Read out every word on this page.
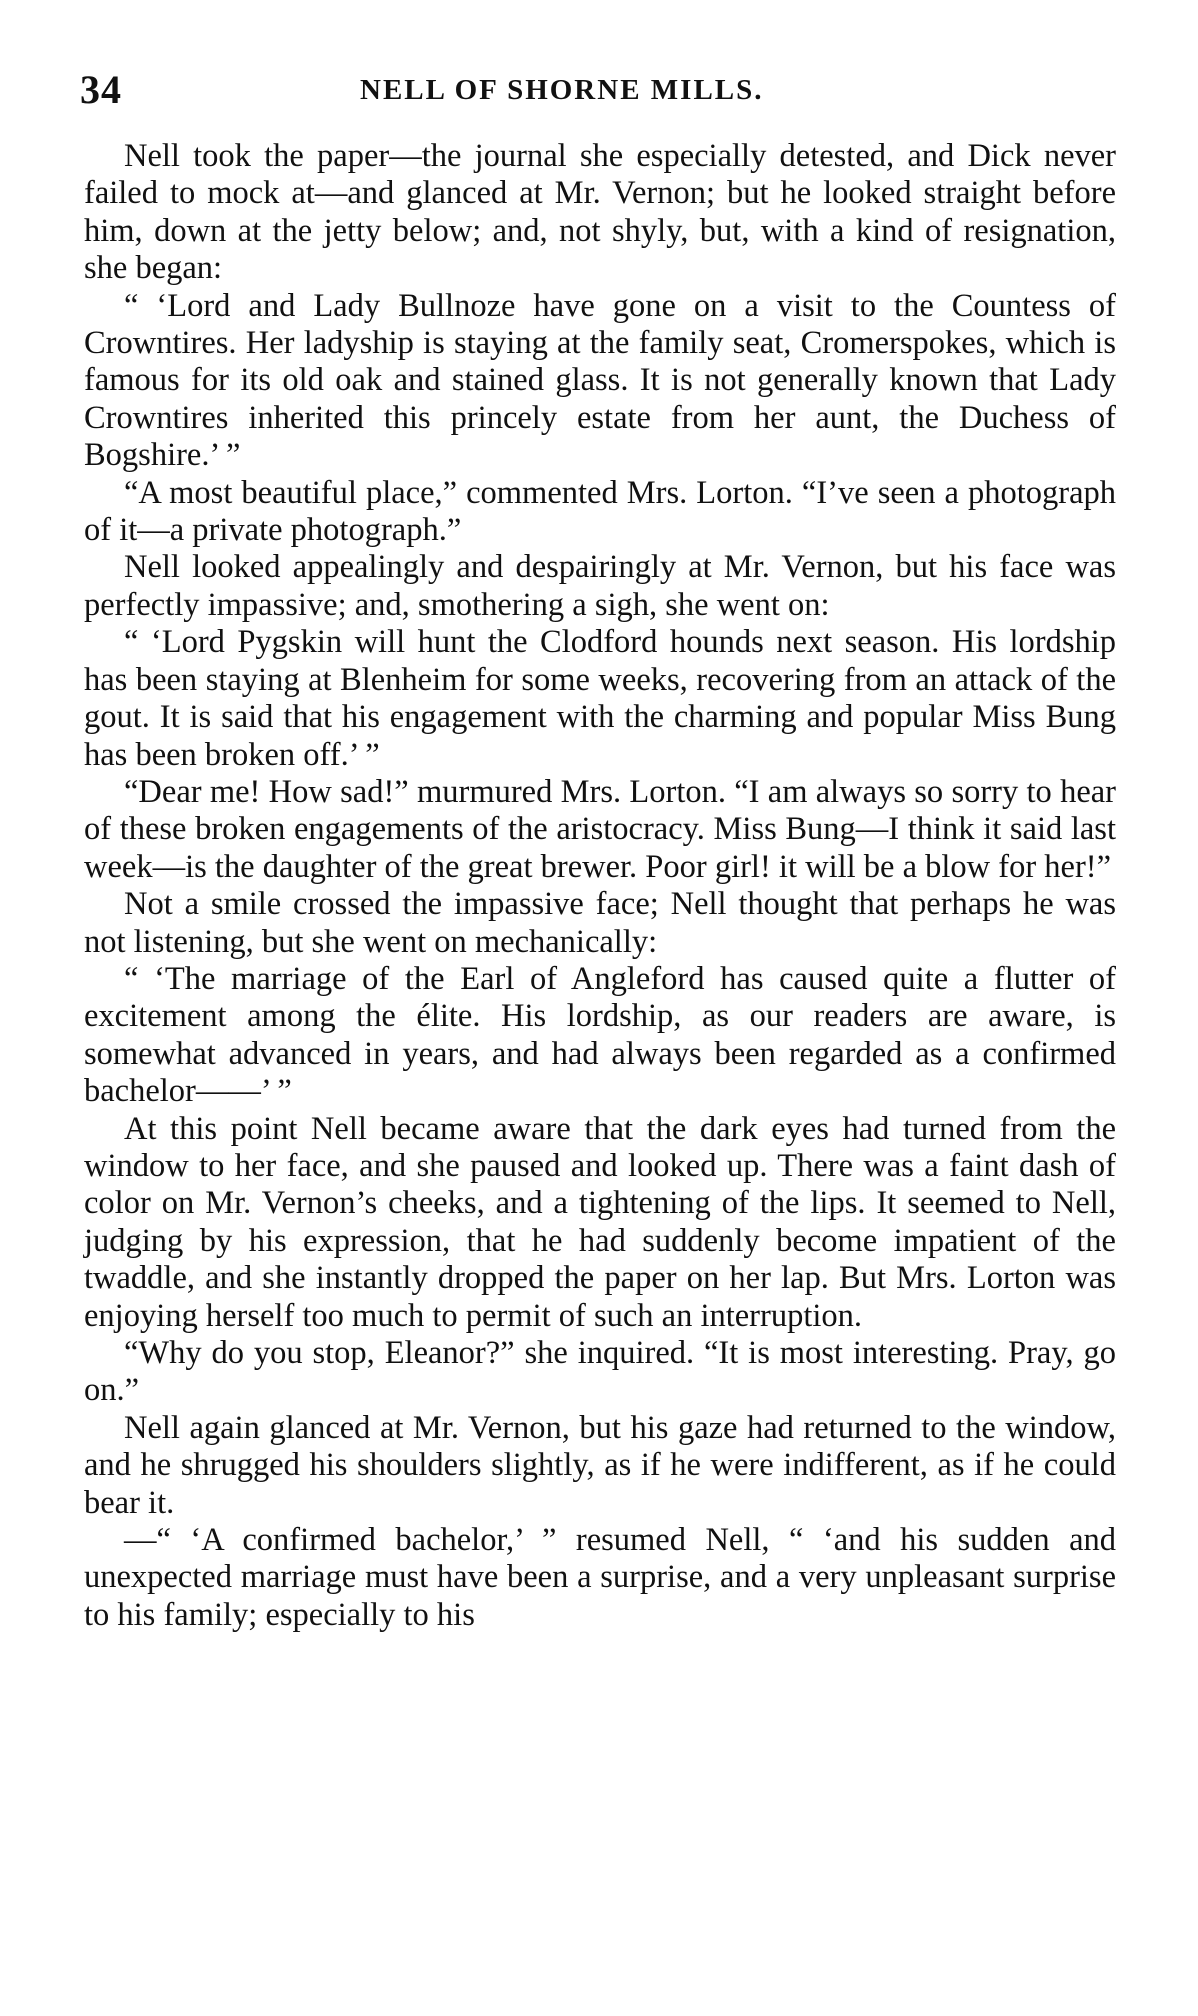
34	NELL OF SHORNE MILLS.

Nell took the paper—the journal she especially detested, and Dick never failed to mock at—and glanced at Mr. Vernon; but he looked straight before him, down at the jetty below; and, not shyly, but, with a kind of resignation, she began:

“ ‘Lord and Lady Bullnoze have gone on a visit to the Countess of Crowntires. Her ladyship is staying at the family seat, Cromerspokes, which is famous for its old oak and stained glass. It is not generally known that Lady Crowntires inherited this princely estate from her aunt, the Duchess of Bogshire.’ ”

“A most beautiful place,” commented Mrs. Lorton. “I’ve seen a photograph of it—a private photograph.”

Nell looked appealingly and despairingly at Mr. Vernon, but his face was perfectly impassive; and, smothering a sigh, she went on:

“ ‘Lord Pygskin will hunt the Clodford hounds next season. His lordship has been staying at Blenheim for some weeks, recovering from an attack of the gout. It is said that his engagement with the charming and popular Miss Bung has been broken off.’ ”

“Dear me! How sad!” murmured Mrs. Lorton. “I am always so sorry to hear of these broken engagements of the aristocracy. Miss Bung—I think it said last week—is the daughter of the great brewer. Poor girl! it will be a blow for her!”

Not a smile crossed the impassive face; Nell thought that perhaps he was not listening, but she went on mechanically:

“ ‘The marriage of the Earl of Angleford has caused quite a flutter of excitement among the élite. His lordship, as our readers are aware, is somewhat advanced in years, and had always been regarded as a confirmed bachelor——’ ”

At this point Nell became aware that the dark eyes had turned from the window to her face, and she paused and looked up. There was a faint dash of color on Mr. Vernon’s cheeks, and a tightening of the lips. It seemed to Nell, judging by his expression, that he had suddenly become impatient of the twaddle, and she instantly dropped the paper on her lap. But Mrs. Lorton was enjoying herself too much to permit of such an interruption.

“Why do you stop, Eleanor?” she inquired. “It is most interesting. Pray, go on.”

Nell again glanced at Mr. Vernon, but his gaze had returned to the window, and he shrugged his shoulders slightly, as if he were indifferent, as if he could bear it.

—“ ‘A confirmed bachelor,’ ” resumed Nell, “ ‘and his sudden and unexpected marriage must have been a surprise, and a very unpleasant surprise to his family; especially to his
